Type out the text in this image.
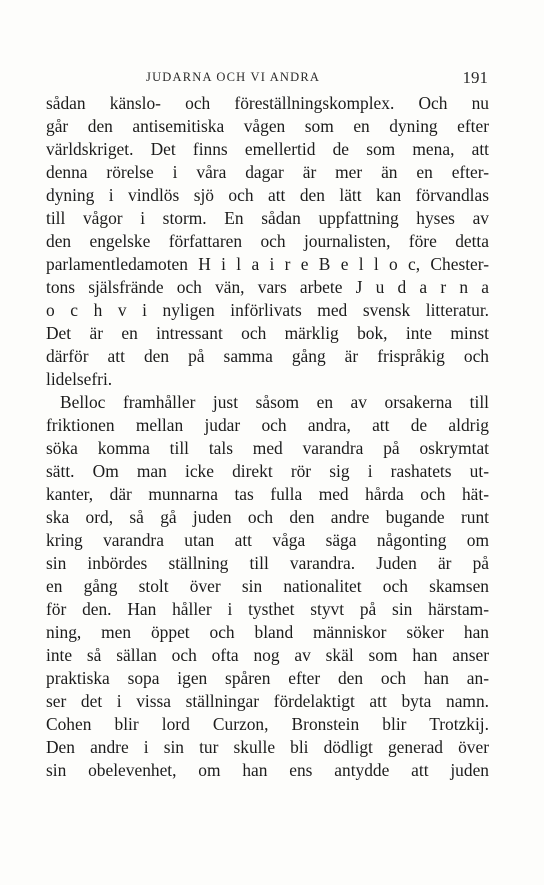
JUDARNA OCH VI ANDRA	191
sådan känslo- och föreställningskomplex. Och nu
går den antisemitiska vågen som en dyning efter
världskriget. Det finns emellertid de som mena, att
denna rörelse i våra dagar är mer än en efter-
dyning i vindlös sjö och att den lätt kan förvandlas
till vågor i storm. En sådan uppfattning hyses av
den engelske författaren och journalisten, före detta
parlamentledamoten H i l a i r e B e l l o c, Chester-
tons själsfrände och vän, vars arbete J u d a r n a
o c h v i nyligen införlivats med svensk litteratur.
Det är en intressant och märklig bok, inte minst
därför att den på samma gång är frispråkig och
lidelsefri.
Belloc framhåller just såsom en av orsakerna till
friktionen mellan judar och andra, att de aldrig
söka komma till tals med varandra på oskrymtat
sätt. Om man icke direkt rör sig i rashatets ut-
kanter, där munnarna tas fulla med hårda och hät-
ska ord, så gå juden och den andre bugande runt
kring varandra utan att våga säga någonting om
sin inbördes ställning till varandra. Juden är på
en gång stolt över sin nationalitet och skamsen
för den. Han håller i tysthet styvt på sin härstam-
ning, men öppet och bland människor söker han
inte så sällan och ofta nog av skäl som han anser
praktiska sopa igen spåren efter den och han an-
ser det i vissa ställningar fördelaktigt att byta namn.
Cohen blir lord Curzon, Bronstein blir Trotzkij.
Den andre i sin tur skulle bli dödligt generad över
sin obelevenhet, om han ens antydde att juden
